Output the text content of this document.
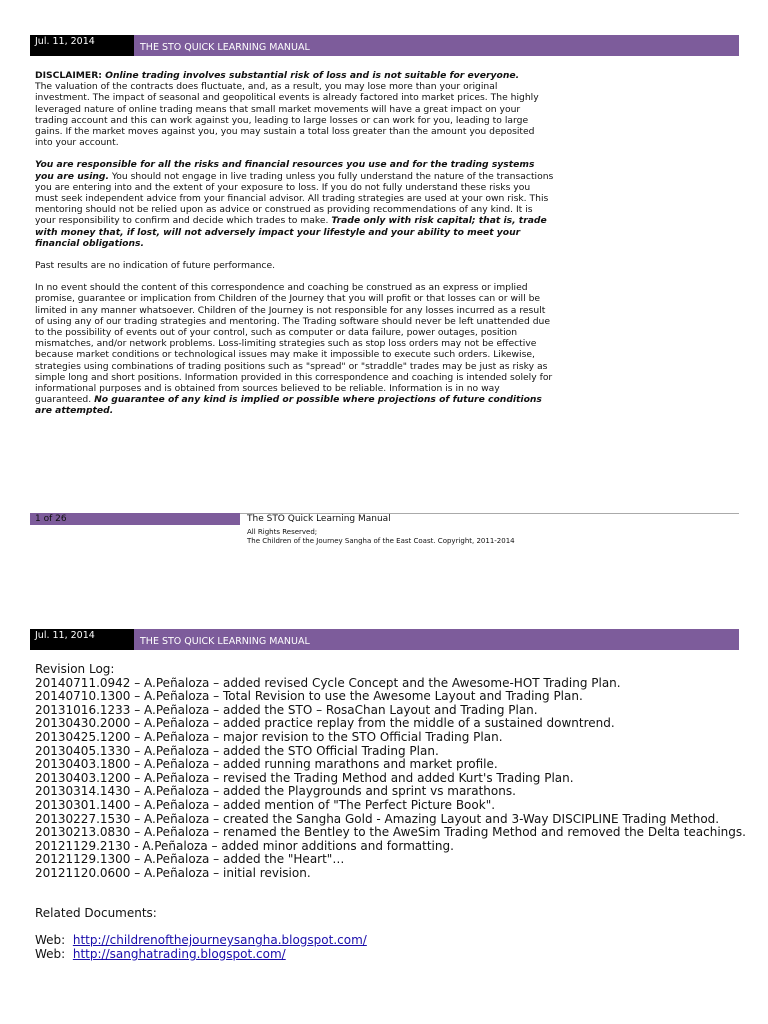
Jul. 11, 2014
THE STO QUICK LEARNING MANUAL

DISCLAIMER: Online trading involves substantial risk of loss and is not suitable for everyone.
The valuation of the contracts does fluctuate, and, as a result, you may lose more than your original investment. The impact of seasonal and geopolitical events is already factored into market prices. The highly leveraged nature of online trading means that small market movements will have a great impact on your trading account and this can work against you, leading to large losses or can work for you, leading to large gains. If the market moves against you, you may sustain a total loss greater than the amount you deposited into your account.

You are responsible for all the risks and financial resources you use and for the trading systems you are using. You should not engage in live trading unless you fully understand the nature of the transactions you are entering into and the extent of your exposure to loss. If you do not fully understand these risks you must seek independent advice from your financial advisor. All trading strategies are used at your own risk. This mentoring should not be relied upon as advice or construed as providing recommendations of any kind. It is your responsibility to confirm and decide which trades to make. Trade only with risk capital; that is, trade with money that, if lost, will not adversely impact your lifestyle and your ability to meet your financial obligations.

Past results are no indication of future performance.

In no event should the content of this correspondence and coaching be construed as an express or implied promise, guarantee or implication from Children of the Journey that you will profit or that losses can or will be limited in any manner whatsoever. Children of the Journey is not responsible for any losses incurred as a result of using any of our trading strategies and mentoring. The Trading software should never be left unattended due to the possibility of events out of your control, such as computer or data failure, power outages, position mismatches, and/or network problems. Loss-limiting strategies such as stop loss orders may not be effective because market conditions or technological issues may make it impossible to execute such orders. Likewise, strategies using combinations of trading positions such as "spread" or "straddle" trades may be just as risky as simple long and short positions. Information provided in this correspondence and coaching is intended solely for informational purposes and is obtained from sources believed to be reliable. Information is in no way guaranteed. No guarantee of any kind is implied or possible where projections of future conditions are attempted.

1 of 26	The STO Quick Learning Manual
All Rights Reserved;
The Children of the Journey Sangha of the East Coast. Copyright, 2011-2014
Jul. 11, 2014
THE STO QUICK LEARNING MANUAL
Revision Log:
20140711.0942 – A.Peñaloza – added revised Cycle Concept and the Awesome-HOT Trading Plan.
20140710.1300 – A.Peñaloza – Total Revision to use the Awesome Layout and Trading Plan.
20131016.1233 – A.Peñaloza – added the STO – RosaChan Layout and Trading Plan.
20130430.2000 – A.Peñaloza – added practice replay from the middle of a sustained downtrend.
20130425.1200 – A.Peñaloza – major revision to the STO Official Trading Plan.
20130405.1330 – A.Peñaloza – added the STO Official Trading Plan.
20130403.1800 – A.Peñaloza – added running marathons and market profile.
20130403.1200 – A.Peñaloza – revised the Trading Method and added Kurt's Trading Plan.
20130314.1430 – A.Peñaloza – added the Playgrounds and sprint vs marathons.
20130301.1400 – A.Peñaloza – added mention of "The Perfect Picture Book".
20130227.1530 – A.Peñaloza – created the Sangha Gold - Amazing Layout and 3-Way DISCIPLINE Trading Method.
20130213.0830 – A.Peñaloza – renamed the Bentley to the AweSim Trading Method and removed the Delta teachings.
20121129.2130 - A.Peñaloza – added minor additions and formatting.
20121129.1300 – A.Peñaloza – added the "Heart"…
20121120.0600 – A.Peñaloza – initial revision.
Related Documents:
Web: http://childrenofthejourneysangha.blogspot.com/
Web: http://sanghatrading.blogspot.com/
